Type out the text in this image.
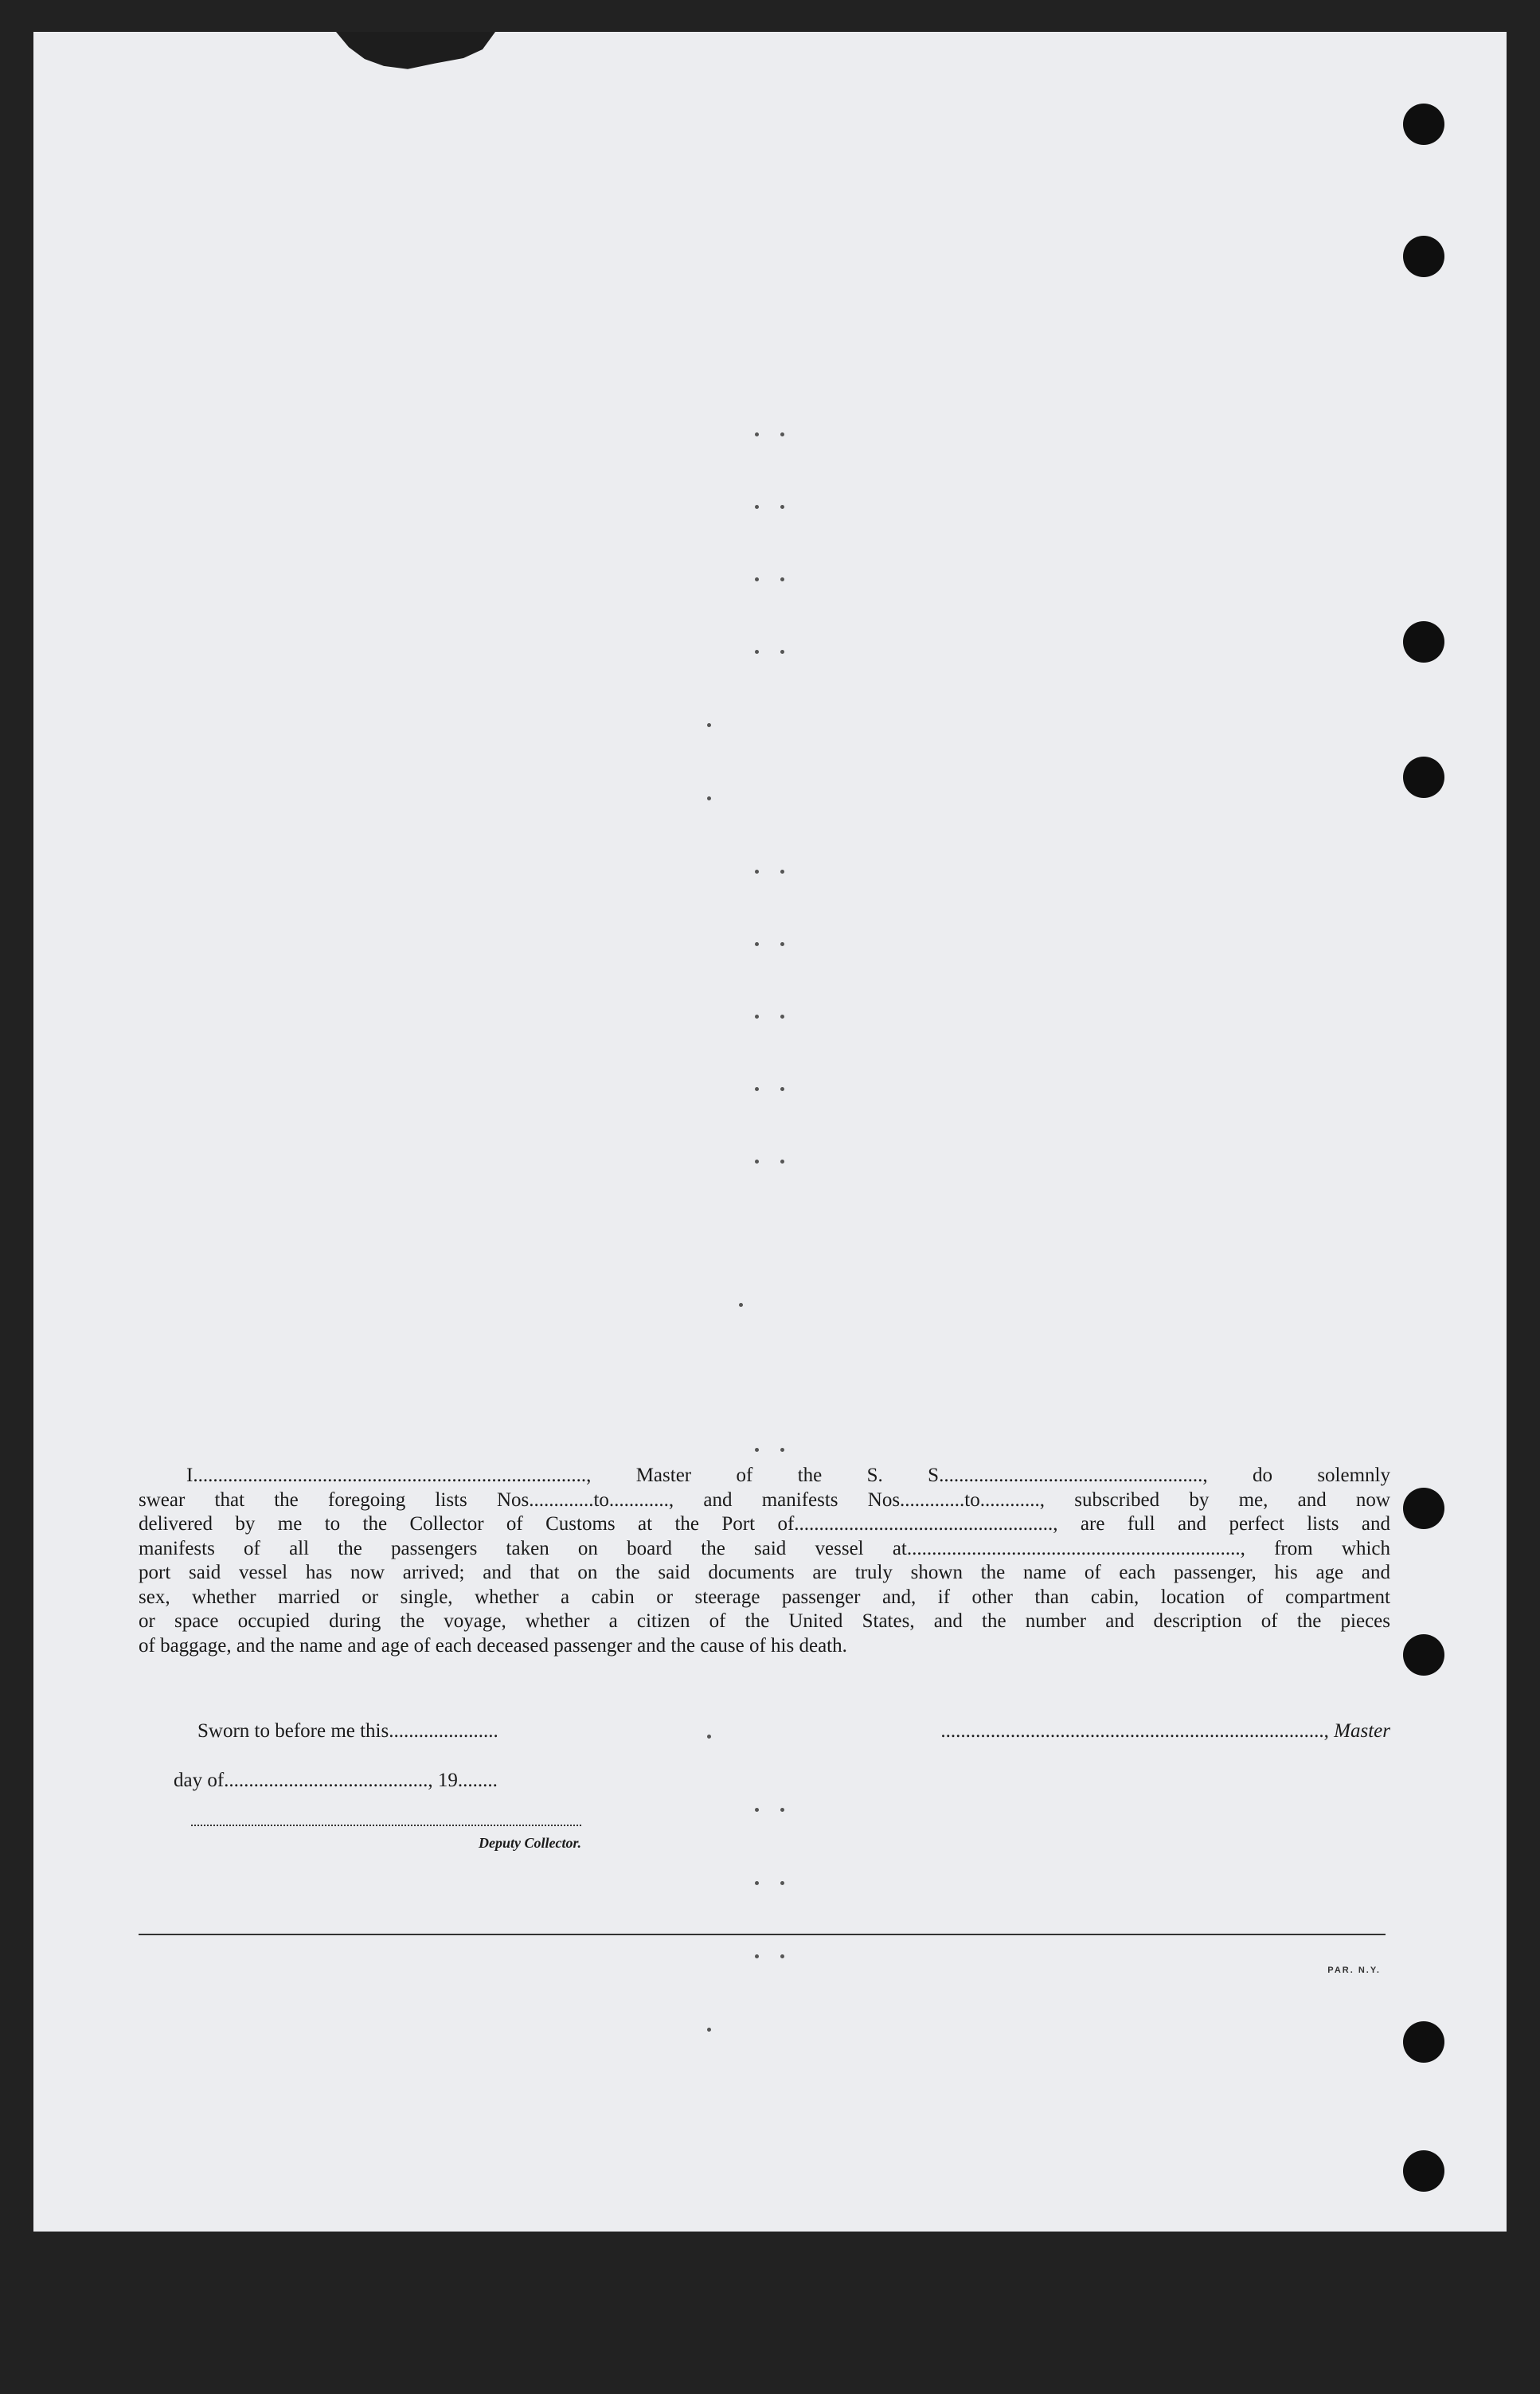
I..............................................................................., Master of the S. S....................................................., do solemnly
swear that the foregoing lists Nos.............to............, and manifests Nos.............to............, subscribed by me, and now
delivered by me to the Collector of Customs at the Port of...................................................., are full and perfect lists and
manifests of all the passengers taken on board the said vessel at..................................................................., from which
port said vessel has now arrived; and that on the said documents are truly shown the name of each passenger, his age and
sex, whether married or single, whether a cabin or steerage passenger and, if other than cabin, location of compartment
or space occupied during the voyage, whether a citizen of the United States, and the number and description of the pieces
of baggage, and the name and age of each deceased passenger and the cause of his death.
Sworn to before me this......................	............................................................................., Master
day of........................................., 19........
Deputy Collector.
PAR. N.Y.
